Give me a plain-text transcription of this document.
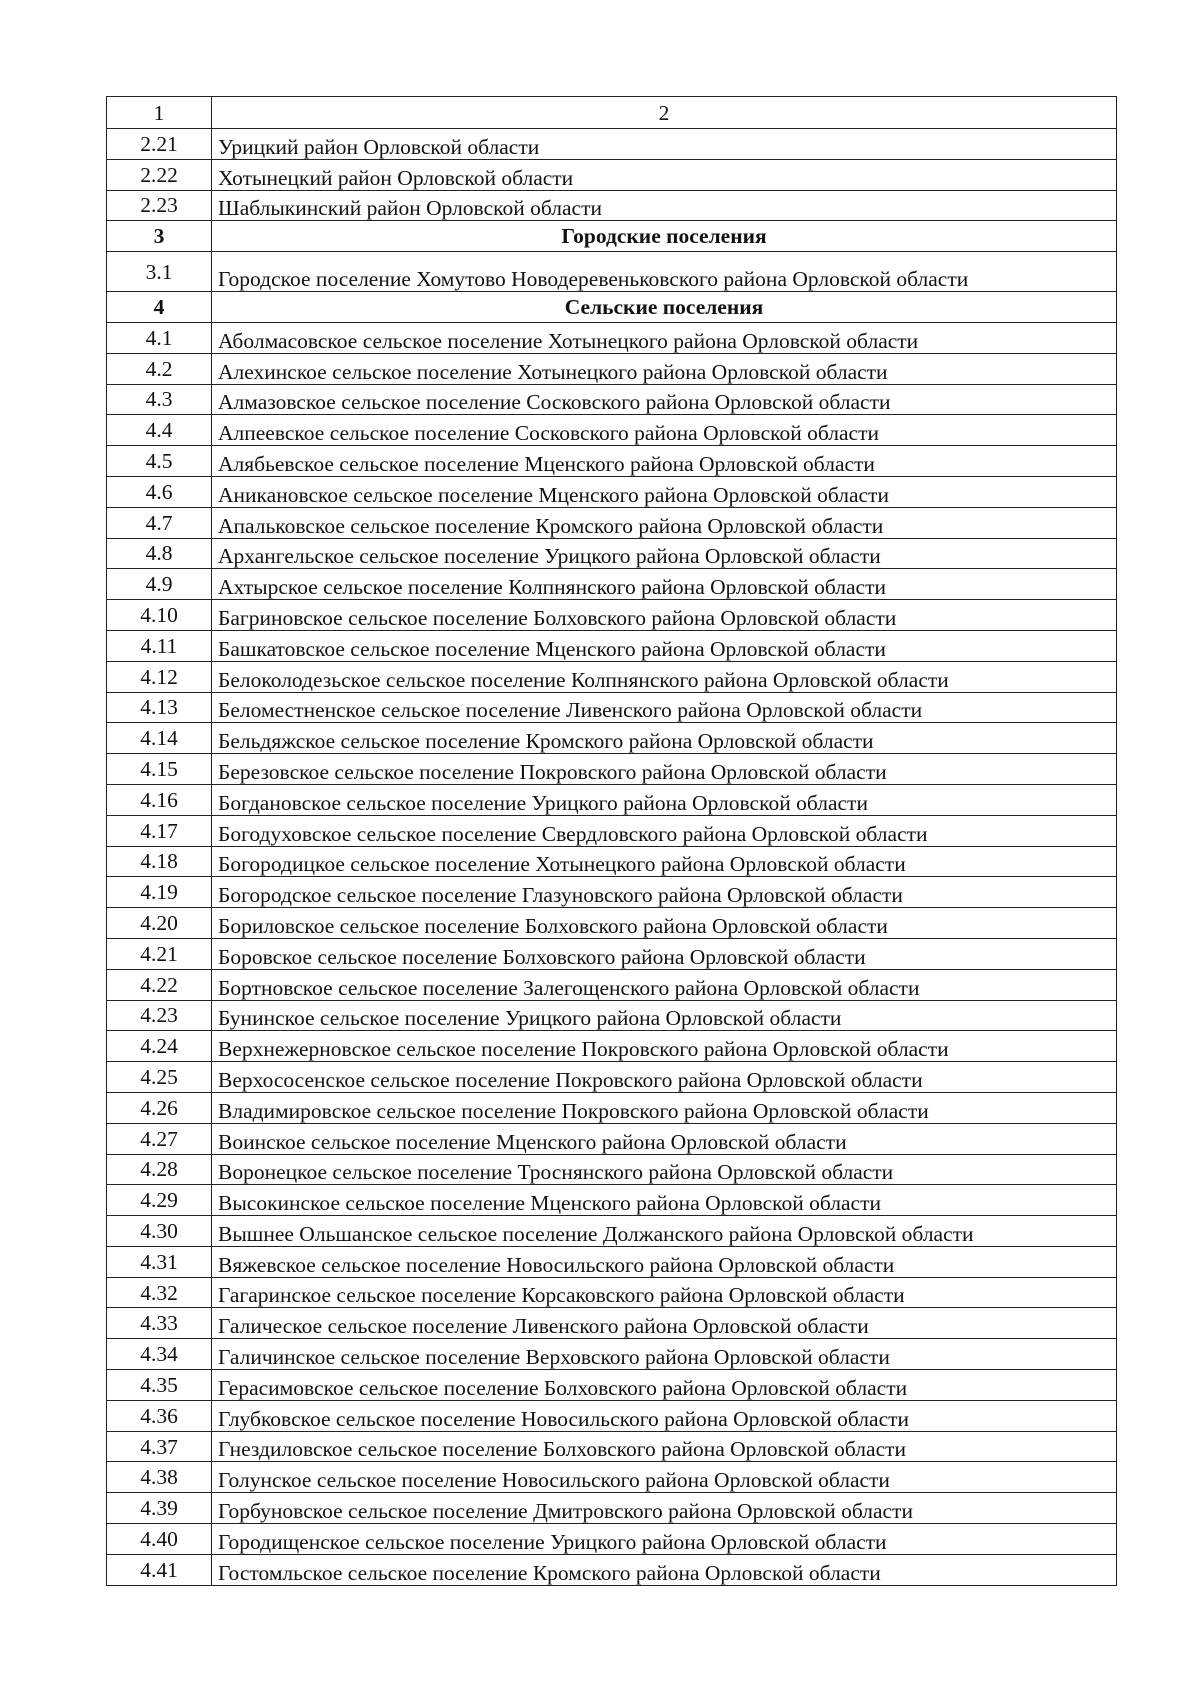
1	2
2.21	Урицкий район Орловской области
2.22	Хотынецкий район Орловской области
2.23	Шаблыкинский район Орловской области
3	Городские поселения
3.1	Городское поселение Хомутово Новодеревеньковского района Орловской области
4	Сельские поселения
4.1	Аболмасовское сельское поселение Хотынецкого района Орловской области
4.2	Алехинское сельское поселение Хотынецкого района Орловской области
4.3	Алмазовское сельское поселение Сосковского района Орловской области
4.4	Алпеевское сельское поселение Сосковского района Орловской области
4.5	Алябьевское сельское поселение Мценского района Орловской области
4.6	Аникановское сельское поселение Мценского района Орловской области
4.7	Апальковское сельское поселение Кромского района Орловской области
4.8	Архангельское сельское поселение Урицкого района Орловской области
4.9	Ахтырское сельское поселение Колпнянского района Орловской области
4.10	Багриновское сельское поселение Болховского района Орловской области
4.11	Башкатовское сельское поселение Мценского района Орловской области
4.12	Белоколодезьское сельское поселение Колпнянского района Орловской области
4.13	Беломестненское сельское поселение Ливенского района Орловской области
4.14	Бельдяжское сельское поселение Кромского района Орловской области
4.15	Березовское сельское поселение Покровского района Орловской области
4.16	Богдановское сельское поселение Урицкого района Орловской области
4.17	Богодуховское сельское поселение Свердловского района Орловской области
4.18	Богородицкое сельское поселение Хотынецкого района Орловской области
4.19	Богородское сельское поселение Глазуновского района Орловской области
4.20	Бориловское сельское поселение Болховского района Орловской области
4.21	Боровское сельское поселение Болховского района Орловской области
4.22	Бортновское сельское поселение Залегощенского района Орловской области
4.23	Бунинское сельское поселение Урицкого района Орловской области
4.24	Верхнежерновское сельское поселение Покровского района Орловской области
4.25	Верхососенское сельское поселение Покровского района Орловской области
4.26	Владимировское сельское поселение Покровского района Орловской области
4.27	Воинское сельское поселение Мценского района Орловской области
4.28	Воронецкое сельское поселение Троснянского района Орловской области
4.29	Высокинское сельское поселение Мценского района Орловской области
4.30	Вышнее Ольшанское сельское поселение Должанского района Орловской области
4.31	Вяжевское сельское поселение Новосильского района Орловской области
4.32	Гагаринское сельское поселение Корсаковского района Орловской области
4.33	Галическое сельское поселение Ливенского района Орловской области
4.34	Галичинское сельское поселение Верховского района Орловской области
4.35	Герасимовское сельское поселение Болховского района Орловской области
4.36	Глубковское сельское поселение Новосильского района Орловской области
4.37	Гнездиловское сельское поселение Болховского района Орловской области
4.38	Голунское сельское поселение Новосильского района Орловской области
4.39	Горбуновское сельское поселение Дмитровского района Орловской области
4.40	Городищенское сельское поселение Урицкого района Орловской области
4.41	Гостомльское сельское поселение Кромского района Орловской области
